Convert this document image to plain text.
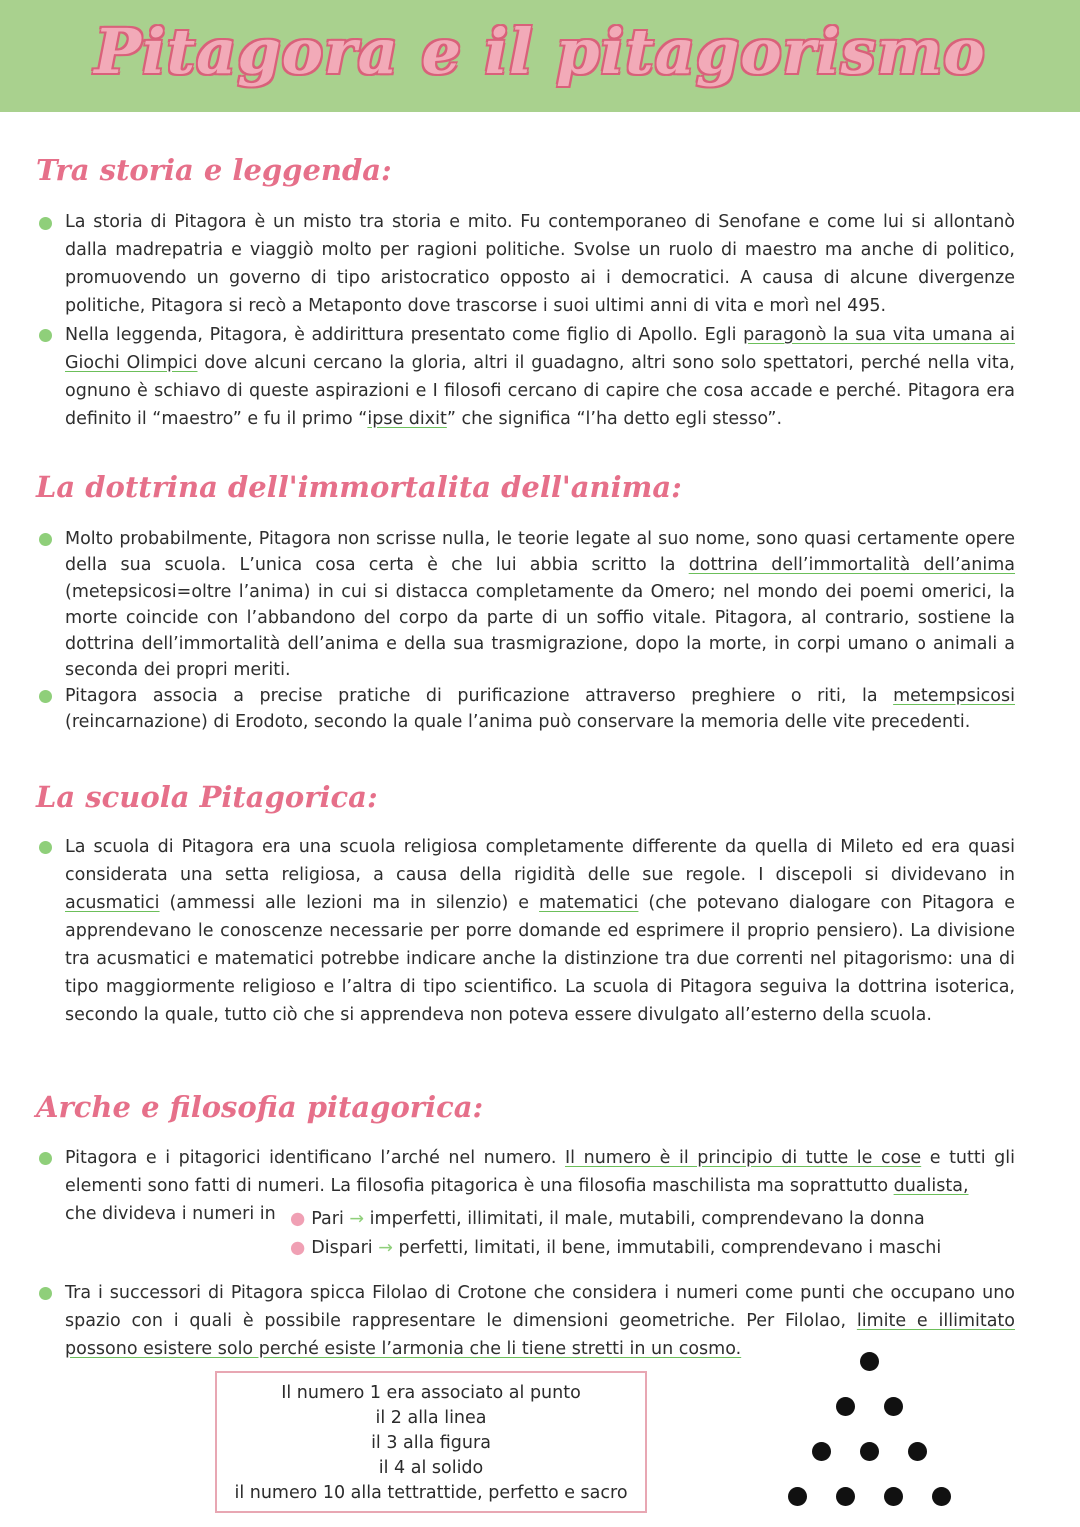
Pitagora e il pitagorismo
Tra storia e leggenda:
La storia di Pitagora è un misto tra storia e mito. Fu contemporaneo di Senofane e come lui si allontanò dalla madrepatria e viaggiò molto per ragioni politiche. Svolse un ruolo di maestro ma anche di politico, promuovendo un governo di tipo aristocratico opposto ai i democratici. A causa di alcune divergenze politiche, Pitagora si recò a Metaponto dove trascorse i suoi ultimi anni di vita e morì nel 495.
Nella leggenda, Pitagora, è addirittura presentato come figlio di Apollo. Egli paragonò la sua vita umana ai Giochi Olimpici dove alcuni cercano la gloria, altri il guadagno, altri sono solo spettatori, perché nella vita, ognuno è schiavo di queste aspirazioni e I filosofi cercano di capire che cosa accade e perché. Pitagora era definito il “maestro” e fu il primo “ipse dixit” che significa “l’ha detto egli stesso”.
La dottrina dell'immortalita dell'anima:
Molto probabilmente, Pitagora non scrisse nulla, le teorie legate al suo nome, sono quasi certamente opere della sua scuola. L’unica cosa certa è che lui abbia scritto la dottrina dell’immortalità dell’anima (metepsicosi=oltre l’anima) in cui si distacca completamente da Omero; nel mondo dei poemi omerici, la morte coincide con l’abbandono del corpo da parte di un soffio vitale. Pitagora, al contrario, sostiene la dottrina dell’immortalità dell’anima e della sua trasmigrazione, dopo la morte, in corpi umano o animali a seconda dei propri meriti.
Pitagora associa a precise pratiche di purificazione attraverso preghiere o riti, la metempsicosi (reincarnazione) di Erodoto, secondo la quale l’anima può conservare la memoria delle vite precedenti.
La scuola Pitagorica:
La scuola di Pitagora era una scuola religiosa completamente differente da quella di Mileto ed era quasi considerata una setta religiosa, a causa della rigidità delle sue regole. I discepoli si dividevano in acusmatici (ammessi alle lezioni ma in silenzio) e matematici (che potevano dialogare con Pitagora e apprendevano le conoscenze necessarie per porre domande ed esprimere il proprio pensiero). La divisione tra acusmatici e matematici potrebbe indicare anche la distinzione tra due correnti nel pitagorismo: una di tipo maggiormente religioso e l’altra di tipo scientifico. La scuola di Pitagora seguiva la dottrina isoterica, secondo la quale, tutto ciò che si apprendeva non poteva essere divulgato all’esterno della scuola.
Arche e filosofia pitagorica:
Pitagora e i pitagorici identificano l’arché nel numero. Il numero è il principio di tutte le cose e tutti gli elementi sono fatti di numeri. La filosofia pitagorica è una filosofia maschilista ma soprattutto dualista,
che divideva i numeri in ● Pari → imperfetti, illimitati, il male, mutabili, comprendevano la donna
● Dispari → perfetti, limitati, il bene, immutabili, comprendevano i maschi
Tra i successori di Pitagora spicca Filolao di Crotone che considera i numeri come punti che occupano uno spazio con i quali è possibile rappresentare le dimensioni geometriche. Per Filolao, limite e illimitato possono esistere solo perché esiste l’armonia che li tiene stretti in un cosmo.
Il numero 1 era associato al punto
il 2 alla linea
il 3 alla figura
il 4 al solido
il numero 10 alla tettrattide, perfetto e sacro
